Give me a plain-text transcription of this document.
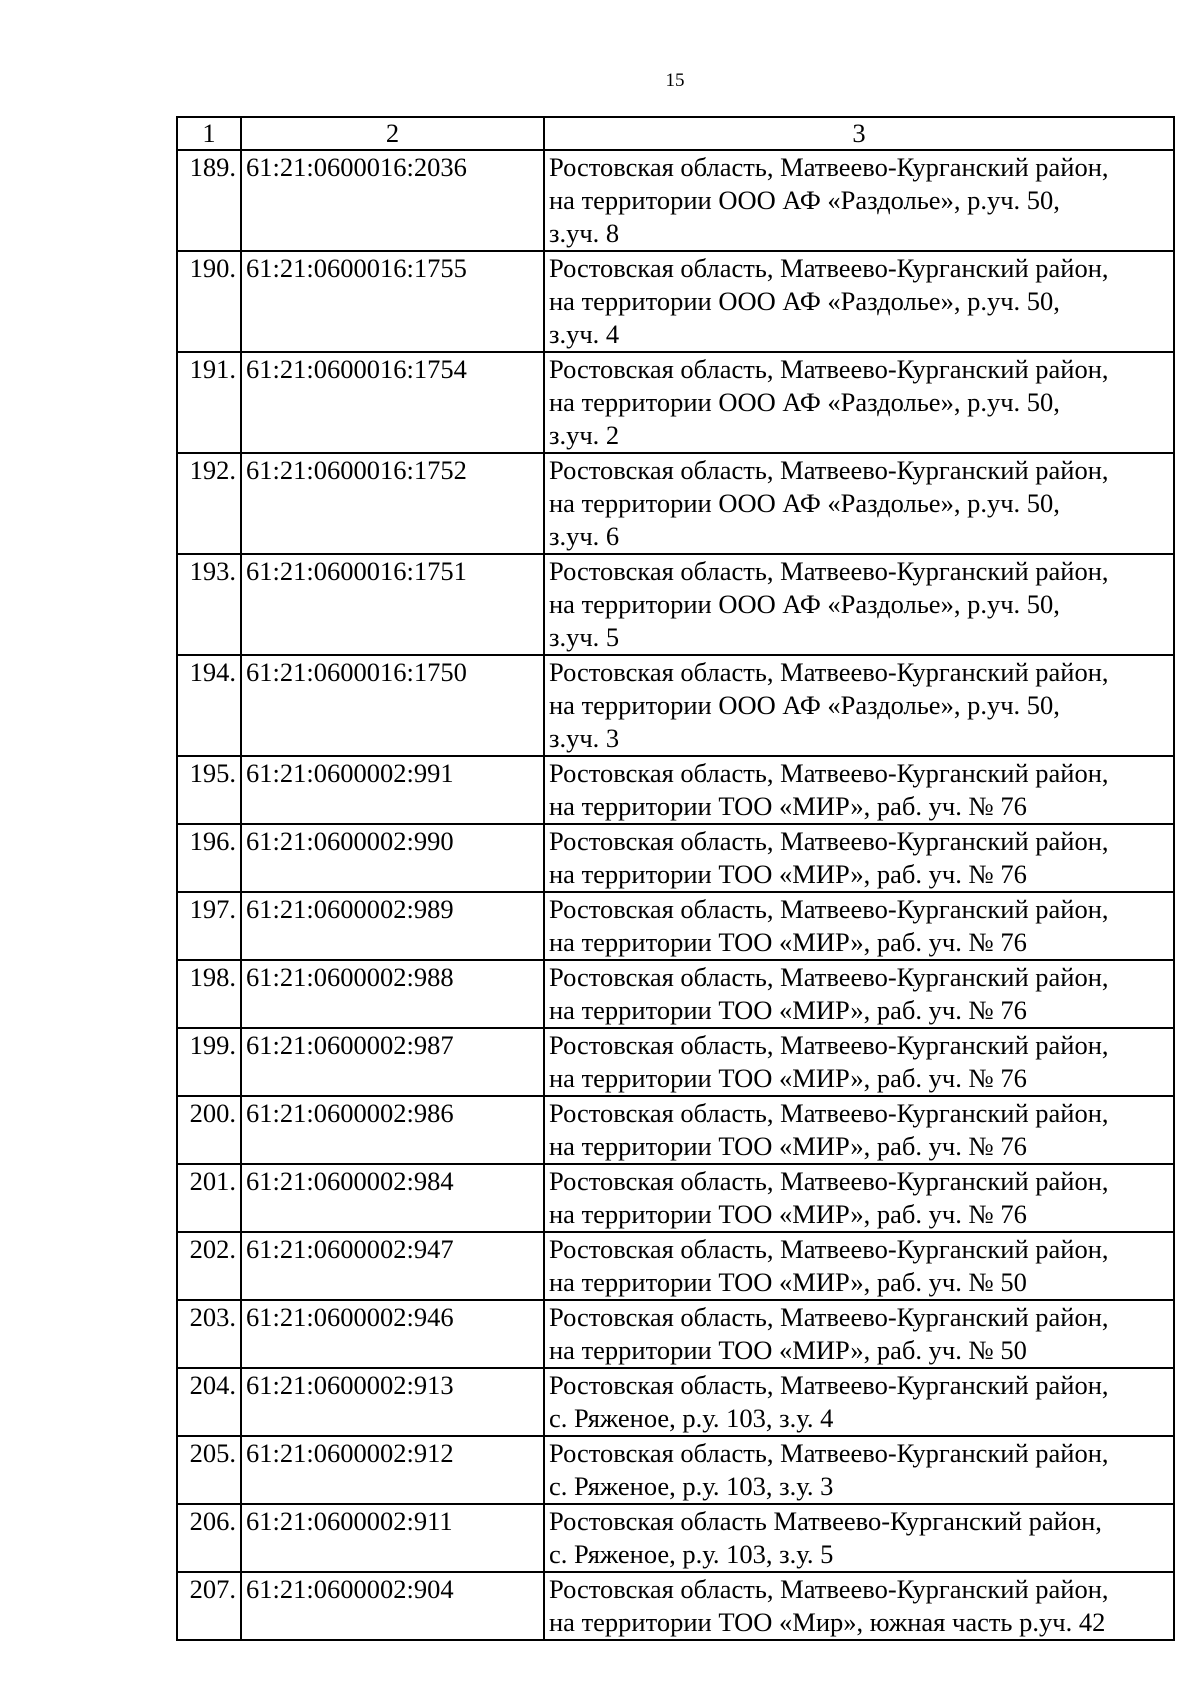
15
1	2	3
189.	61:21:0600016:2036	Ростовская область, Матвеево-Курганский район,
на территории ООО АФ «Раздолье», р.уч. 50,
з.уч. 8
190.	61:21:0600016:1755	Ростовская область, Матвеево-Курганский район,
на территории ООО АФ «Раздолье», р.уч. 50,
з.уч. 4
191.	61:21:0600016:1754	Ростовская область, Матвеево-Курганский район,
на территории ООО АФ «Раздолье», р.уч. 50,
з.уч. 2
192.	61:21:0600016:1752	Ростовская область, Матвеево-Курганский район,
на территории ООО АФ «Раздолье», р.уч. 50,
з.уч. 6
193.	61:21:0600016:1751	Ростовская область, Матвеево-Курганский район,
на территории ООО АФ «Раздолье», р.уч. 50,
з.уч. 5
194.	61:21:0600016:1750	Ростовская область, Матвеево-Курганский район,
на территории ООО АФ «Раздолье», р.уч. 50,
з.уч. 3
195.	61:21:0600002:991	Ростовская область, Матвеево-Курганский район,
на территории ТОО «МИР», раб. уч. № 76
196.	61:21:0600002:990	Ростовская область, Матвеево-Курганский район,
на территории ТОО «МИР», раб. уч. № 76
197.	61:21:0600002:989	Ростовская область, Матвеево-Курганский район,
на территории ТОО «МИР», раб. уч. № 76
198.	61:21:0600002:988	Ростовская область, Матвеево-Курганский район,
на территории ТОО «МИР», раб. уч. № 76
199.	61:21:0600002:987	Ростовская область, Матвеево-Курганский район,
на территории ТОО «МИР», раб. уч. № 76
200.	61:21:0600002:986	Ростовская область, Матвеево-Курганский район,
на территории ТОО «МИР», раб. уч. № 76
201.	61:21:0600002:984	Ростовская область, Матвеево-Курганский район,
на территории ТОО «МИР», раб. уч. № 76
202.	61:21:0600002:947	Ростовская область, Матвеево-Курганский район,
на территории ТОО «МИР», раб. уч. № 50
203.	61:21:0600002:946	Ростовская область, Матвеево-Курганский район,
на территории ТОО «МИР», раб. уч. № 50
204.	61:21:0600002:913	Ростовская область, Матвеево-Курганский район,
с. Ряженое, р.у. 103, з.у. 4
205.	61:21:0600002:912	Ростовская область, Матвеево-Курганский район,
с. Ряженое, р.у. 103, з.у. 3
206.	61:21:0600002:911	Ростовская область Матвеево-Курганский район,
с. Ряженое, р.у. 103, з.у. 5
207.	61:21:0600002:904	Ростовская область, Матвеево-Курганский район,
на территории ТОО «Мир», южная часть р.уч. 42
